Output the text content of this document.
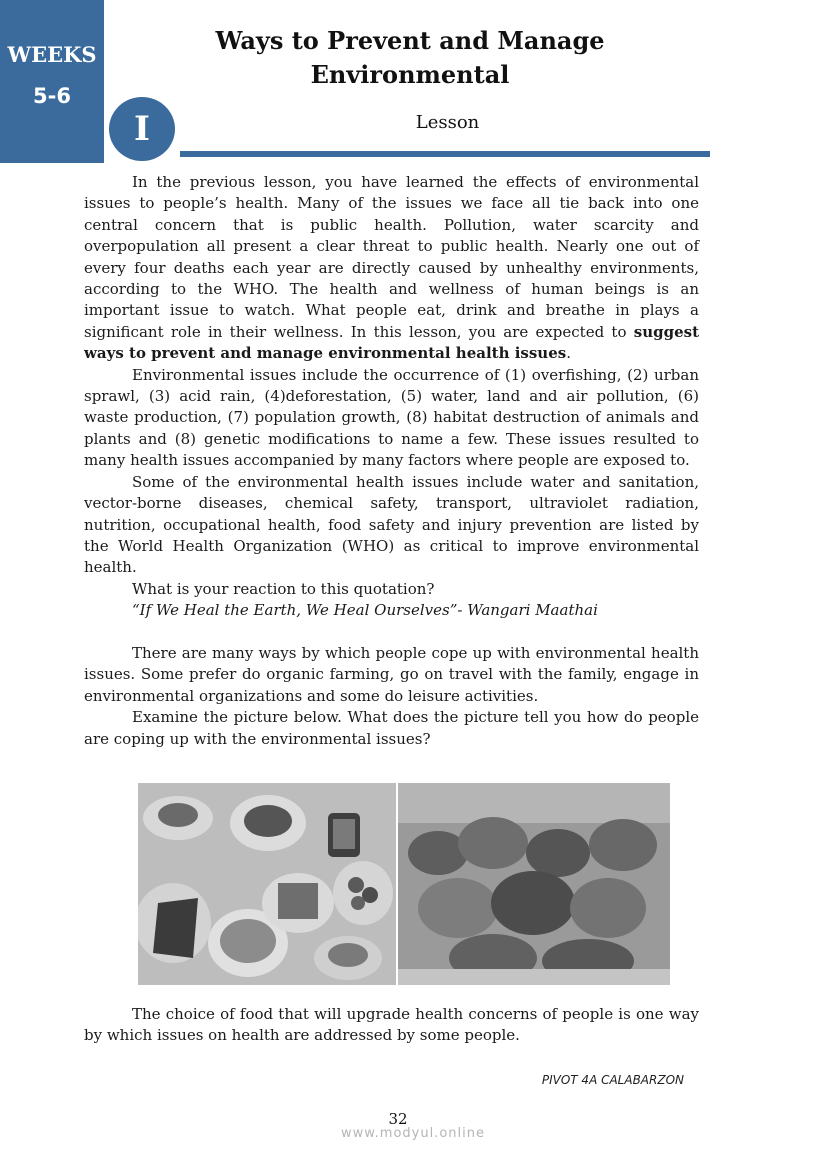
WEEKS
5-6
Ways to Prevent and Manage
Environmental
I	Lesson

In the previous lesson, you have learned the effects of environmental issues to people’s health. Many of the issues we face all tie back into one central concern that is public health. Pollution, water scarcity and overpopulation all present a clear threat to public health. Nearly one out of every four deaths each year are directly caused by unhealthy environments, according to the WHO. The health and wellness of human beings is an important issue to watch. What people eat, drink and breathe in plays a significant role in their wellness. In this lesson, you are expected to suggest ways to prevent and manage environmental health issues.

Environmental issues include the occurrence of (1) overfishing, (2) urban sprawl, (3) acid rain, (4)deforestation, (5) water, land and air pollution, (6) waste production, (7) population growth, (8) habitat destruction of animals and plants and (8) genetic modifications to name a few. These issues resulted to many health issues accompanied by many factors where people are exposed to.

Some of the environmental health issues include water and sanitation, vector-borne diseases, chemical safety, transport, ultraviolet radiation, nutrition, occupational health, food safety and injury prevention are listed by the World Health Organization (WHO) as critical to improve environmental health.

What is your reaction to this quotation?

“If We Heal the Earth, We Heal Ourselves”- Wangari Maathai

There are many ways by which people cope up with environmental health issues. Some prefer do organic farming, go on travel with the family, engage in environmental organizations and some do leisure activities.

Examine the picture below. What does the picture tell you how do people are coping up with the environmental issues?

The choice of food that will upgrade health concerns of people is one way by which issues on health are addressed by some people.

PIVOT 4A CALABARZON
32
www.modyul.online
